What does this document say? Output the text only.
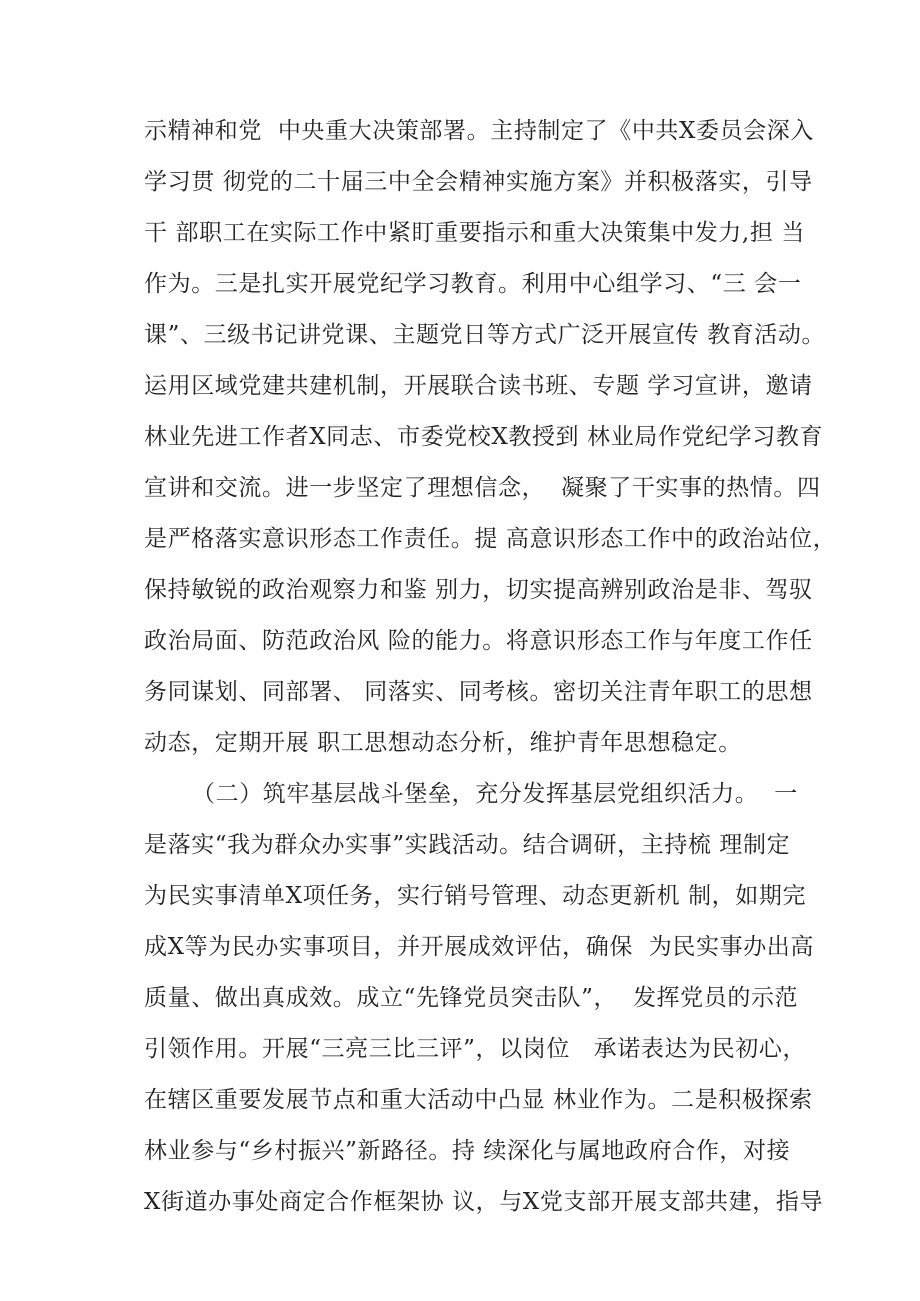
示精神和党  中央重大决策部署。主持制定了《中共X委员会深入
学习贯 彻党的二十届三中全会精神实施方案》并积极落实，引导
干 部职工在实际工作中紧盯重要指示和重大决策集中发力,担 当
作为。三是扎实开展党纪学习教育。利用中心组学习、“三 会一
课”、三级书记讲党课、主题党日等方式广泛开展宣传 教育活动。
运用区域党建共建机制，开展联合读书班、专题 学习宣讲，邀请
林业先进工作者X同志、市委党校X教授到 林业局作党纪学习教育
宣讲和交流。进一步坚定了理想信念，  凝聚了干实事的热情。四
是严格落实意识形态工作责任。提 高意识形态工作中的政治站位，
保持敏锐的政治观察力和鉴 别力，切实提高辨别政治是非、驾驭
政治局面、防范政治风 险的能力。将意识形态工作与年度工作任
务同谋划、同部署、 同落实、同考核。密切关注青年职工的思想
动态，定期开展 职工思想动态分析，维护青年思想稳定。
（二）筑牢基层战斗堡垒，充分发挥基层党组织活力。  一
是落实“我为群众办实事”实践活动。结合调研，主持梳 理制定
为民实事清单X项任务，实行销号管理、动态更新机 制，如期完
成X等为民办实事项目，并开展成效评估，确保  为民实事办出高
质量、做出真成效。成立“先锋党员突击队”，  发挥党员的示范
引领作用。开展“三亮三比三评”，以岗位   承诺表达为民初心，
在辖区重要发展节点和重大活动中凸显 林业作为。二是积极探索
林业参与“乡村振兴”新路径。持 续深化与属地政府合作，对接
X街道办事处商定合作框架协 议，与X党支部开展支部共建，指导
